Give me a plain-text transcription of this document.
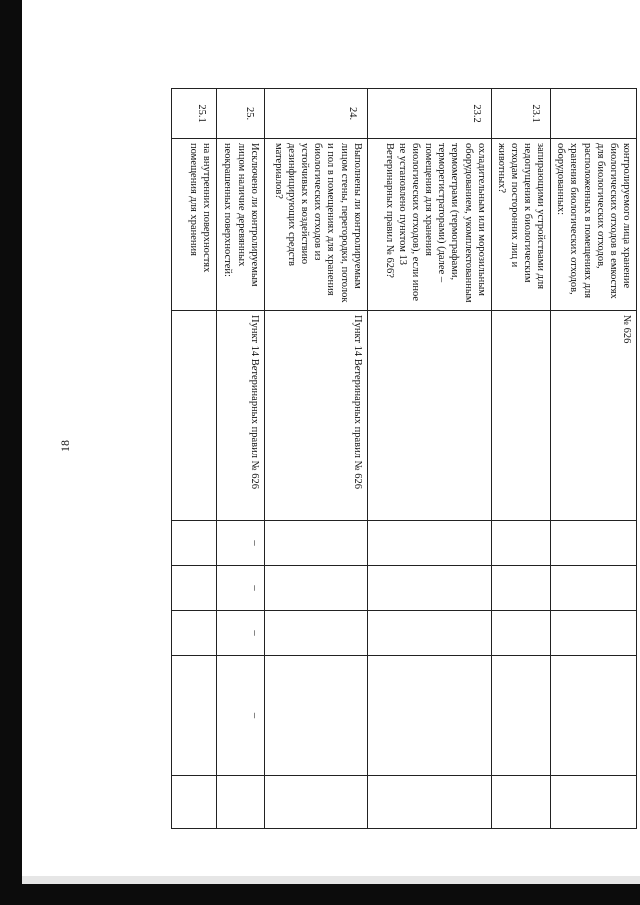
18
	контролируемого лица хранение биологических отходов в емкостях для биологических отходов, расположенных в помещениях для хранения биологических отходов, оборудованных:	№ 626					
23.1	запирающими устройствами для недопущения к биологическим отходам посторонних лиц и животных?						
23.2	охладительным или морозильным оборудованием, укомплектованным термометрами (термографами, терморегистраторами) (далее – помещения для хранения биологических отходов), если иное не установлено пунктом 13 Ветеринарных правил № 626?						
24.	Выполнены ли контролируемым лицом стены, перегородки, потолок и пол в помещениях для хранения биологических отходов из устойчивых к воздействию дезинфицирующих средств материалов?	Пункт 14 Ветеринарных правил № 626					
25.	Исключено ли контролируемым лицом наличие деревянных неокрашенных поверхностей:	Пункт 14 Ветеринарных правил № 626	–	–	–	–	
25.1	на внутренних поверхностях помещения для хранения						
